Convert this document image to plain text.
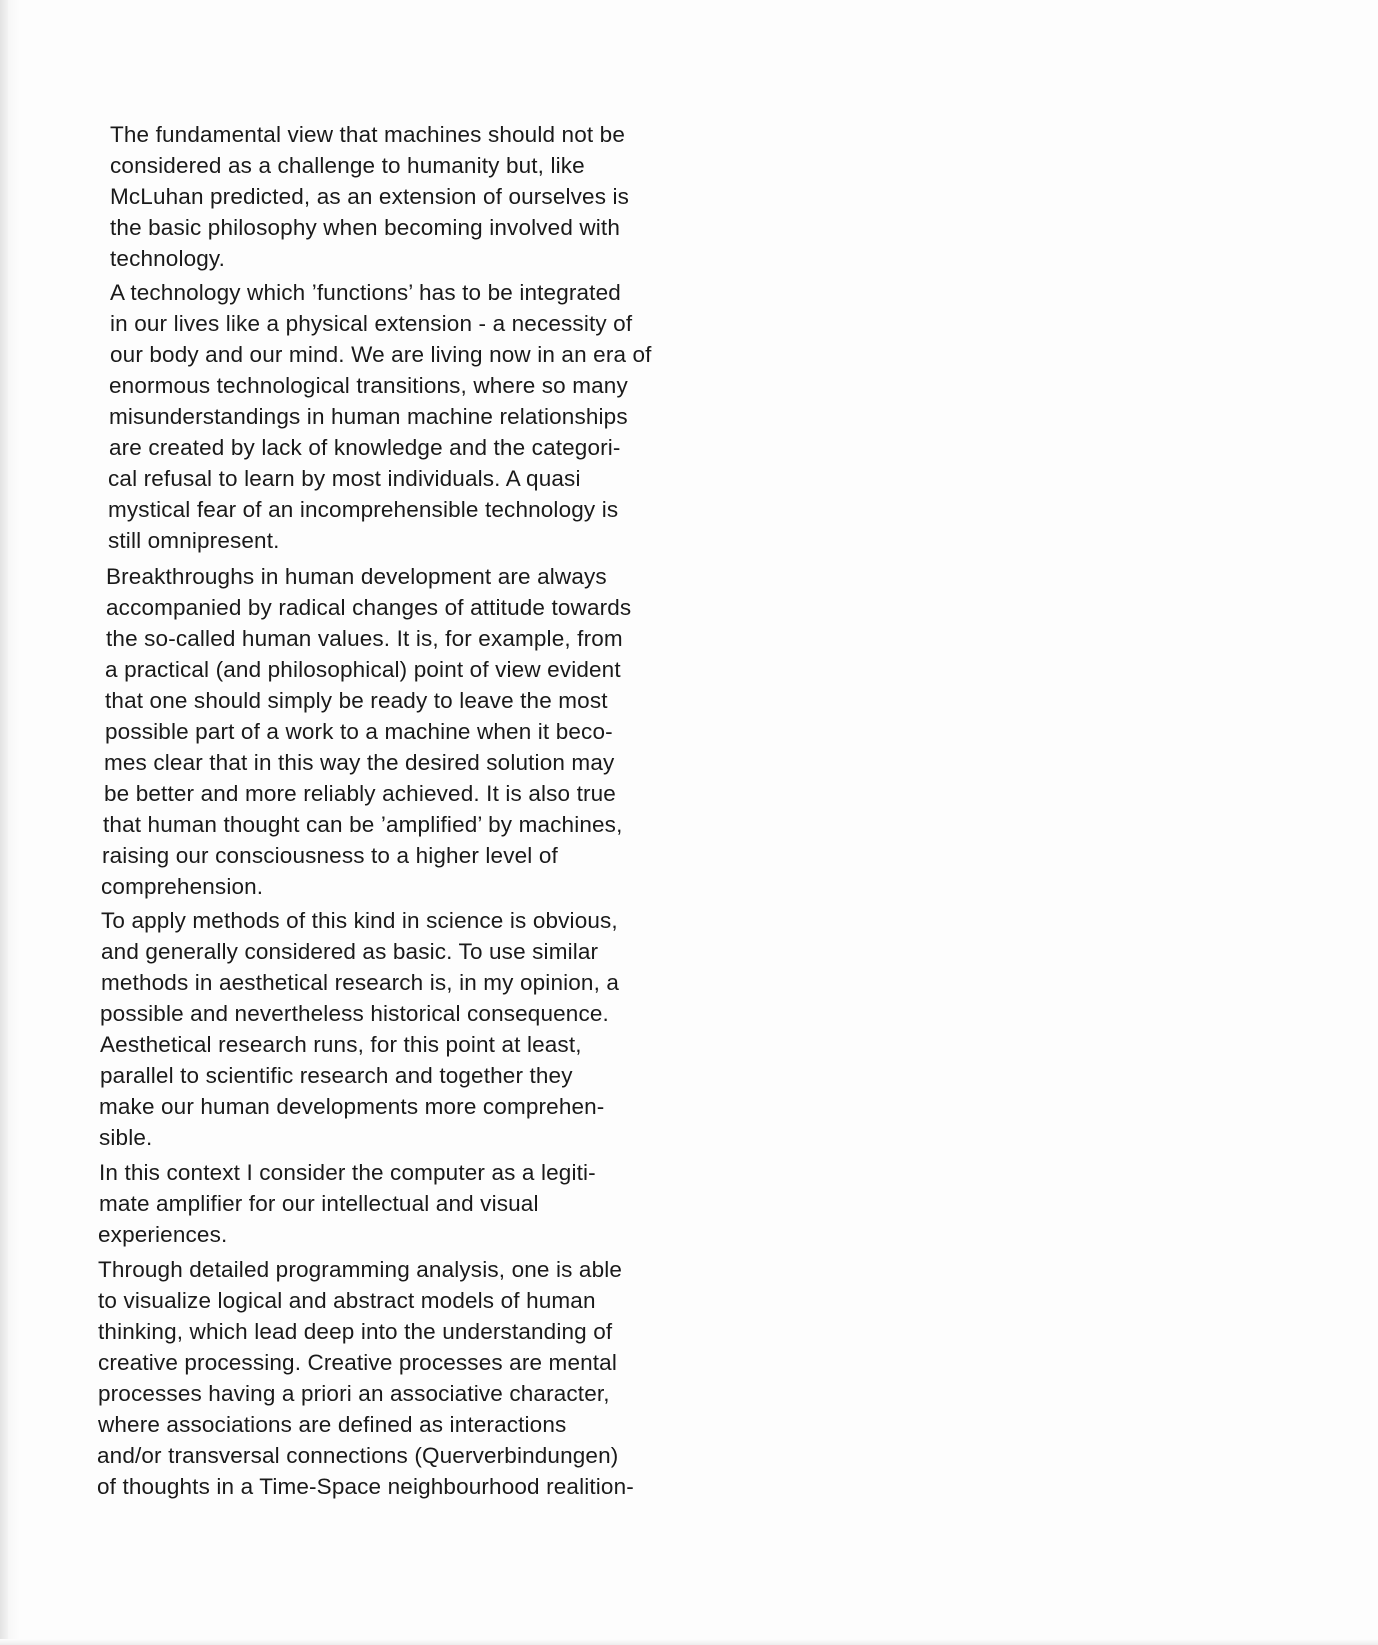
The fundamental view that machines should not be
considered as a challenge to humanity but, like
McLuhan predicted, as an extension of ourselves is
the basic philosophy when becoming involved with
technology.
A technology which ’functions’ has to be integrated
in our lives like a physical extension - a necessity of
our body and our mind. We are living now in an era of
enormous technological transitions, where so many
misunderstandings in human machine relationships
are created by lack of knowledge and the categori-
cal refusal to learn by most individuals. A quasi
mystical fear of an incomprehensible technology is
still omnipresent.
Breakthroughs in human development are always
accompanied by radical changes of attitude towards
the so-called human values. It is, for example, from
a practical (and philosophical) point of view evident
that one should simply be ready to leave the most
possible part of a work to a machine when it beco-
mes clear that in this way the desired solution may
be better and more reliably achieved. It is also true
that human thought can be ’amplified’ by machines,
raising our consciousness to a higher level of
comprehension.
To apply methods of this kind in science is obvious,
and generally considered as basic. To use similar
methods in aesthetical research is, in my opinion, a
possible and nevertheless historical consequence.
Aesthetical research runs, for this point at least,
parallel to scientific research and together they
make our human developments more comprehen-
sible.
In this context I consider the computer as a legiti-
mate amplifier for our intellectual and visual
experiences.
Through detailed programming analysis, one is able
to visualize logical and abstract models of human
thinking, which lead deep into the understanding of
creative processing. Creative processes are mental
processes having a priori an associative character,
where associations are defined as interactions
and/or transversal connections (Querverbindungen)
of thoughts in a Time-Space neighbourhood realition-
